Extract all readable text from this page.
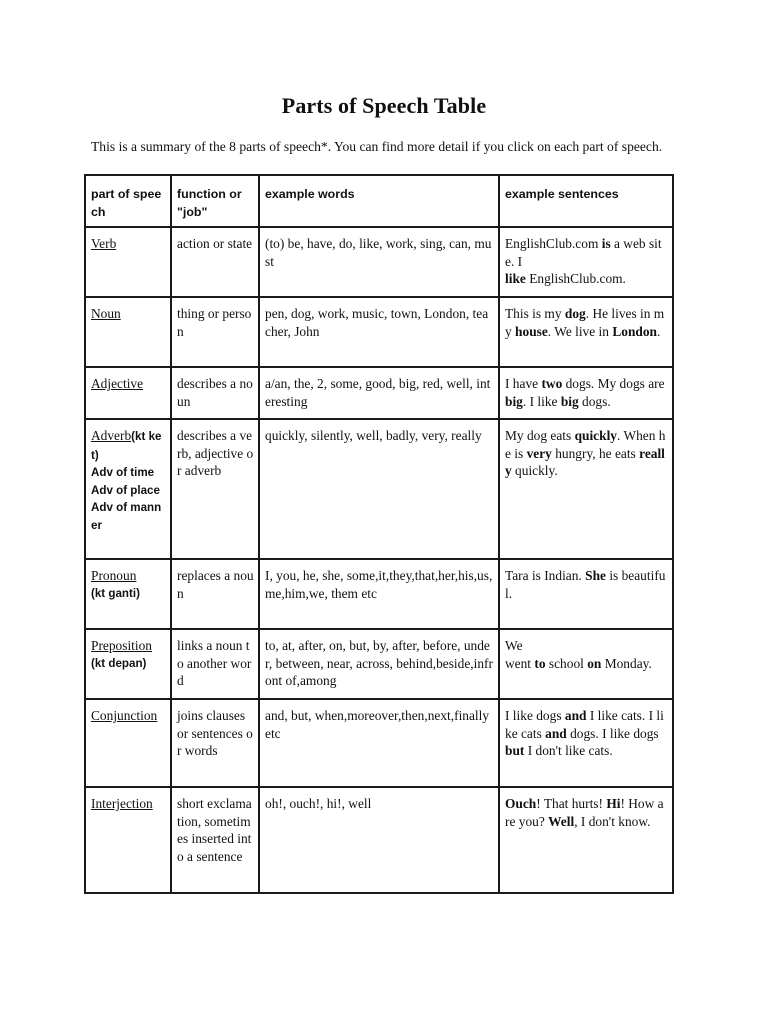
Parts of Speech Table
This is a summary of the 8 parts of speech*. You can find more detail if you click on each part of speech.
part of speech	function or "job"	example words	example sentences
Verb	action or state	(to) be, have, do, like, work, sing, can, must	EnglishClub.com is a web site. I
like EnglishClub.com.
Noun	thing or person	pen, dog, work, music, town, London, teacher, John	This is my dog. He lives in my house. We live in London.
Adjective	describes a noun	a/an, the, 2, some, good, big, red, well, interesting	I have two dogs. My dogs are big. I like big dogs.
Adverb(kt ket)
Adv of time
Adv of place
Adv of manner	describes a verb, adjective or adverb	quickly, silently, well, badly, very, really	My dog eats quickly. When he is very hungry, he eats really quickly.
Pronoun
(kt ganti)	replaces a noun	I, you, he, she, some,it,they,that,her,his,us,me,him,we, them etc	Tara is Indian. She is beautiful.
Preposition
(kt depan)	links a noun to another word	to, at, after, on, but, by, after, before, under, between, near, across, behind,beside,infront of,among	We
went to school on Monday.
Conjunction	joins clauses or sentences or words	and, but, when,moreover,then,next,finally etc	I like dogs and I like cats. I like cats and dogs. I like dogs but I don't like cats.
Interjection	short exclamation, sometimes inserted into a sentence	oh!, ouch!, hi!, well	Ouch! That hurts! Hi! How are you? Well, I don't know.
